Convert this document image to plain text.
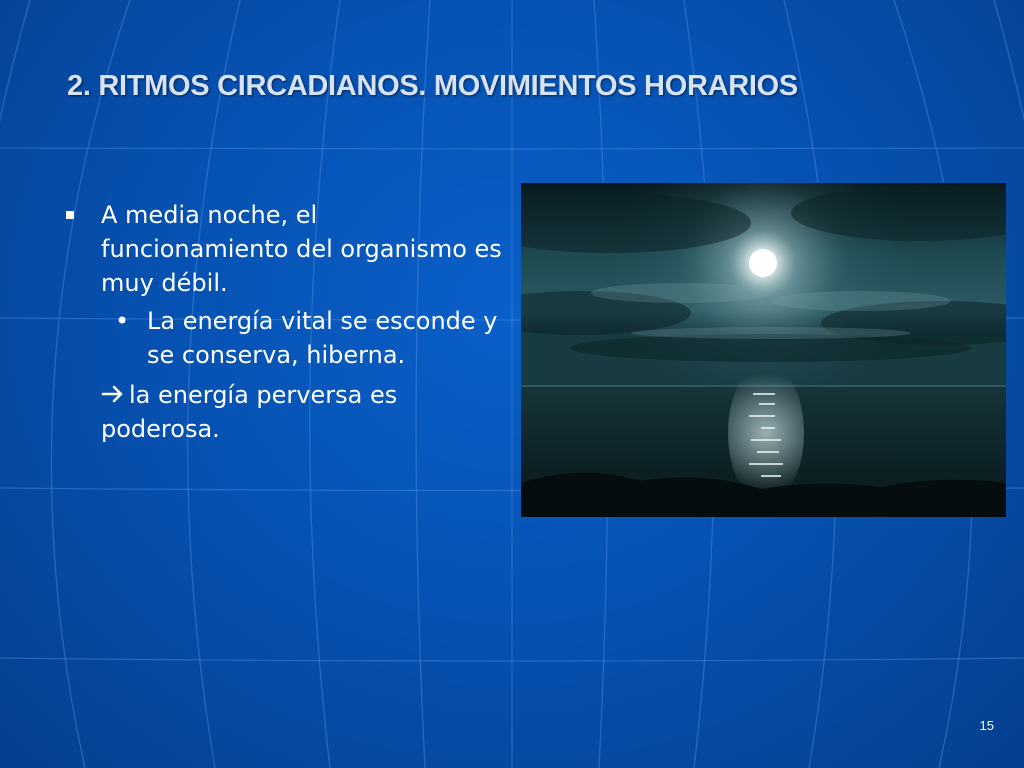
2. RITMOS CIRCADIANOS. MOVIMIENTOS HORARIOS
A media noche, el funcionamiento del organismo es muy débil.
• La energía vital se esconde y se conserva, hiberna.
la energía perversa es poderosa.
15
